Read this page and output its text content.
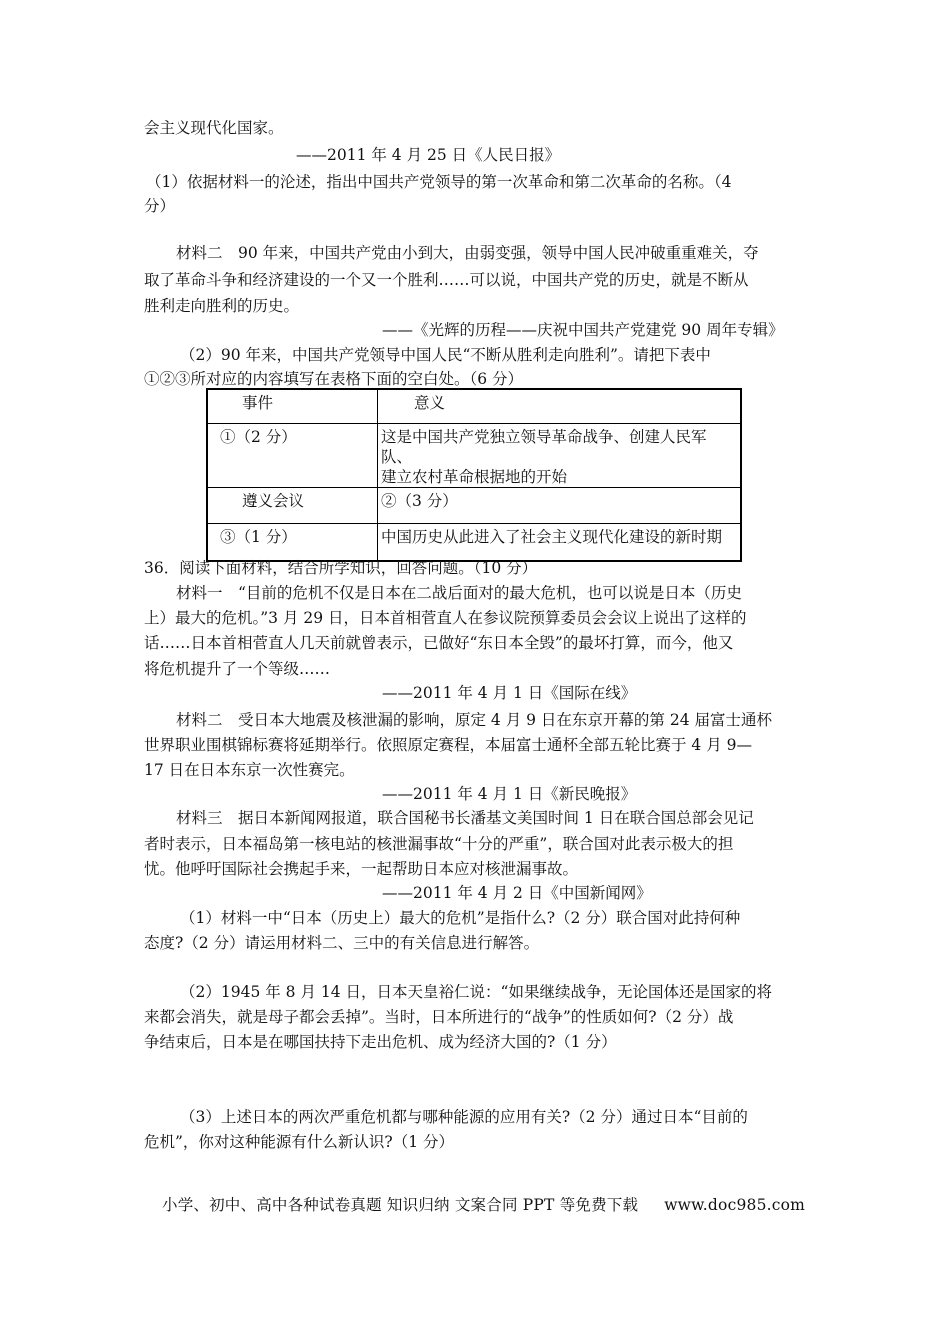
会主义现代化国家。
——2011 年 4 月 25 日《人民日报》
（1）依据材料一的沦述，指出中国共产党领导的第一次革命和第二次革命的名称。（4
分）
材料二　90 年来，中国共产党由小到大，由弱变强，领导中国人民冲破重重难关，夺
取了革命斗争和经济建设的一个又一个胜利……可以说，中国共产党的历史，就是不断从
胜利走向胜利的历史。
——《光辉的历程——庆祝中国共产党建党 90 周年专辑》
（2）90 年来，中国共产党领导中国人民“不断从胜利走向胜利”。请把下表中
①②③所对应的内容填写在表格下面的空白处。（6 分）
事件	意义
①（2 分）	这是中国共产党独立领导革命战争、创建人民军队、
建立农村革命根据地的开始
遵义会议	②（3 分）
③（1 分）	中国历史从此进入了社会主义现代化建设的新时期
36．阅读下面材料，结合所学知识，回答问题。（10 分）
材料一　“目前的危机不仅是日本在二战后面对的最大危机，也可以说是日本（历史
上）最大的危机。”3 月 29 日，日本首相菅直人在参议院预算委员会会议上说出了这样的
话……日本首相菅直人几天前就曾表示，已做好“东日本全毁”的最坏打算，而今，他又
将危机提升了一个等级……
——2011 年 4 月 1 日《国际在线》
材料二　受日本大地震及核泄漏的影响，原定 4 月 9 日在东京开幕的第 24 届富士通杯
世界职业围棋锦标赛将延期举行。依照原定赛程，本届富士通杯全部五轮比赛于 4 月 9—
17 日在日本东京一次性赛完。
——2011 年 4 月 1 日《新民晚报》
材料三　据日本新闻网报道，联合国秘书长潘基文美国时间 1 日在联合国总部会见记
者时表示，日本福岛第一核电站的核泄漏事故“十分的严重”，联合国对此表示极大的担
忧。他呼吁国际社会携起手来，一起帮助日本应对核泄漏事故。
——2011 年 4 月 2 日《中国新闻网》
（1）材料一中“日本（历史上）最大的危机”是指什么?（2 分）联合国对此持何种
态度?（2 分）请运用材料二、三中的有关信息进行解答。
（2）1945 年 8 月 14 日，日本天皇裕仁说：“如果继续战争，无论国体还是国家的将
来都会消失，就是母子都会丢掉”。当时，日本所进行的“战争”的性质如何?（2 分）战
争结束后，日本是在哪国扶持下走出危机、成为经济大国的?（1 分）
（3）上述日本的两次严重危机都与哪种能源的应用有关?（2 分）通过日本“目前的
危机”，你对这种能源有什么新认识?（1 分）
小学、初中、高中各种试卷真题 知识归纳 文案合同 PPT 等免费下载 www.doc985.com
